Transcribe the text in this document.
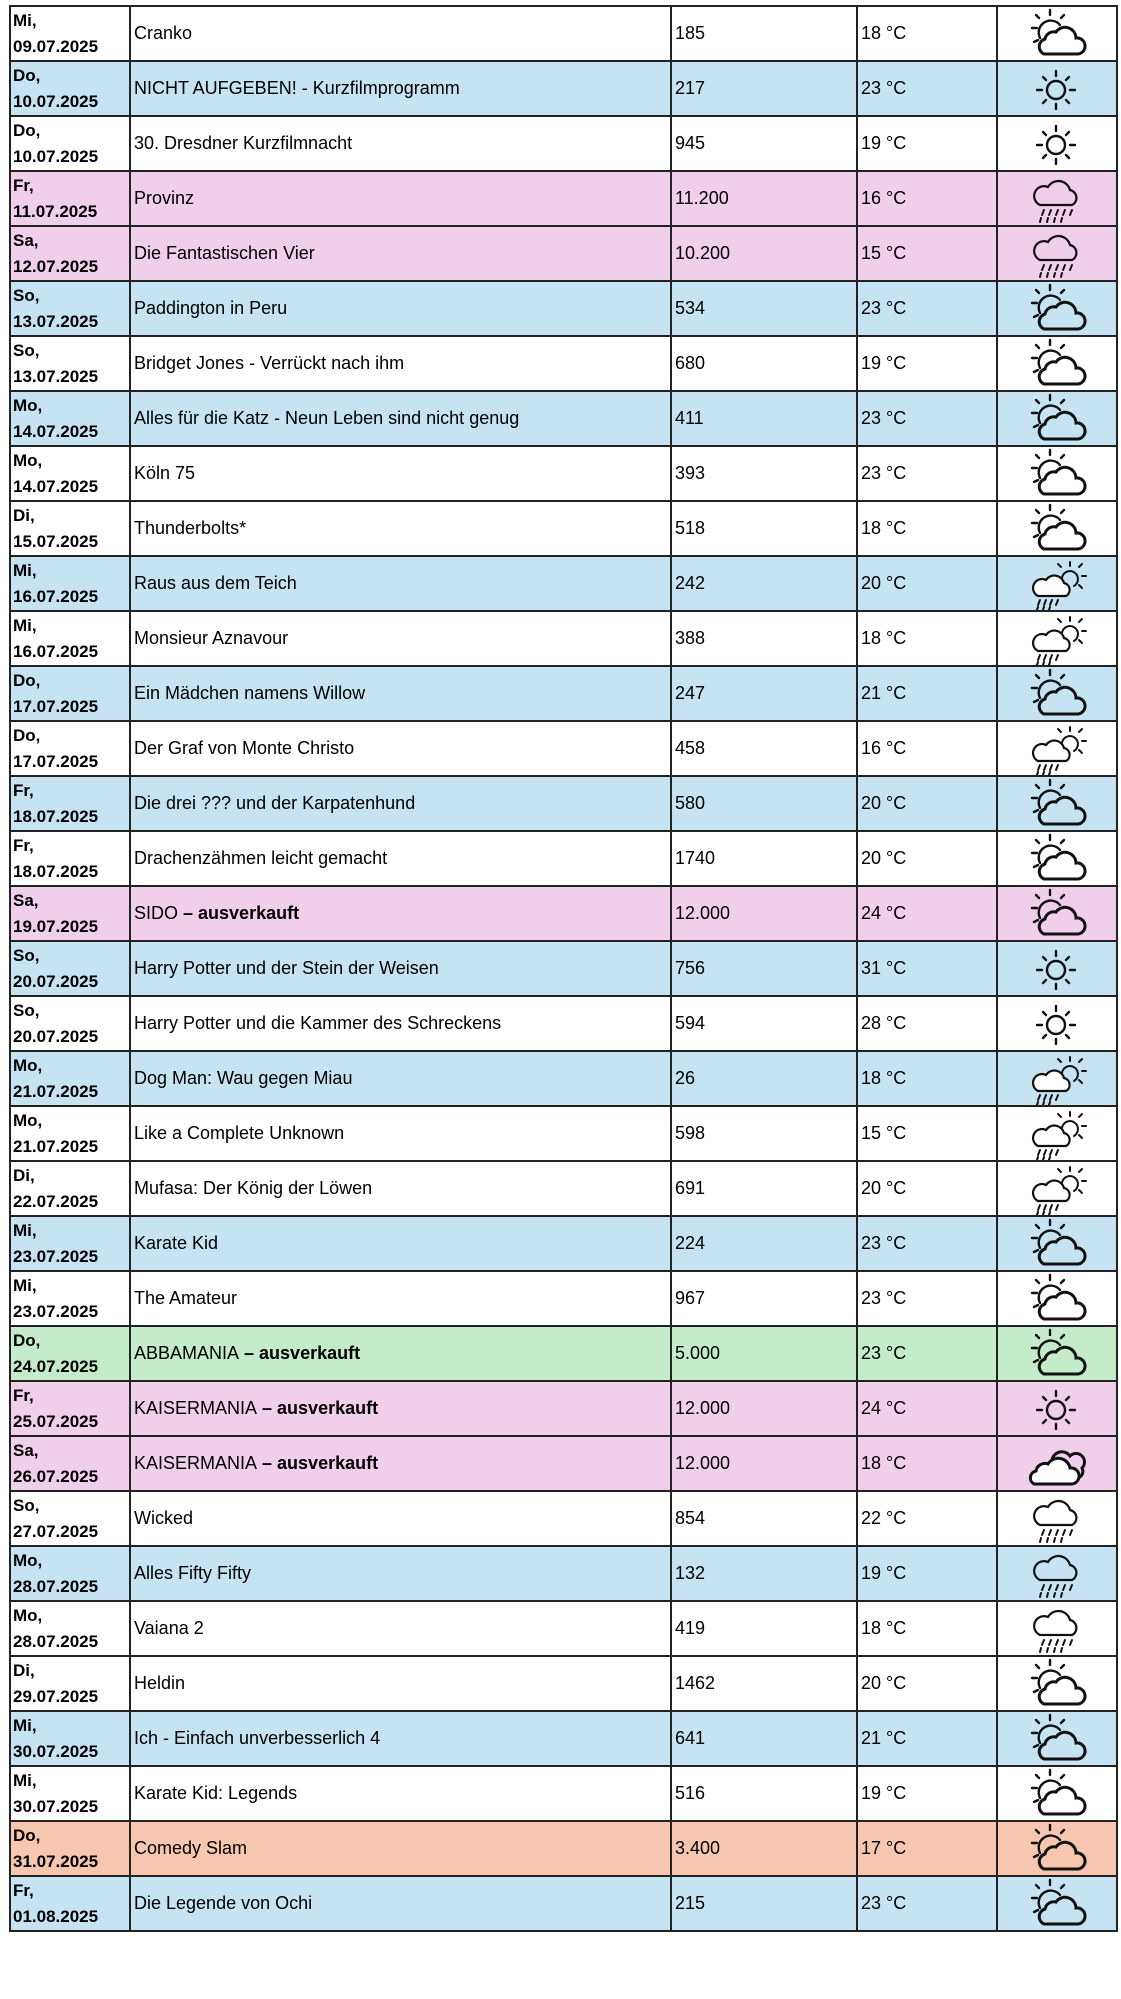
Mi,
09.07.2025	Cranko	185	18 °C	

Do,
10.07.2025	NICHT AUFGEBEN! - Kurzfilmprogramm	217	23 °C	

Do,
10.07.2025	30. Dresdner Kurzfilmnacht	945	19 °C	

Fr,
11.07.2025	Provinz	11.200	16 °C	

Sa,
12.07.2025	Die Fantastischen Vier	10.200	15 °C	

So,
13.07.2025	Paddington in Peru	534	23 °C	

So,
13.07.2025	Bridget Jones - Verrückt nach ihm	680	19 °C	

Mo,
14.07.2025	Alles für die Katz - Neun Leben sind nicht genug	411	23 °C	

Mo,
14.07.2025	Köln 75	393	23 °C	

Di,
15.07.2025	Thunderbolts*	518	18 °C	

Mi,
16.07.2025	Raus aus dem Teich	242	20 °C	

Mi,
16.07.2025	Monsieur Aznavour	388	18 °C	

Do,
17.07.2025	Ein Mädchen namens Willow	247	21 °C	

Do,
17.07.2025	Der Graf von Monte Christo	458	16 °C	

Fr,
18.07.2025	Die drei ??? und der Karpatenhund	580	20 °C	

Fr,
18.07.2025	Drachenzähmen leicht gemacht	1740	20 °C	

Sa,
19.07.2025	SIDO – ausverkauft	12.000	24 °C	

So,
20.07.2025	Harry Potter und der Stein der Weisen	756	31 °C	

So,
20.07.2025	Harry Potter und die Kammer des Schreckens	594	28 °C	

Mo,
21.07.2025	Dog Man: Wau gegen Miau	26	18 °C	

Mo,
21.07.2025	Like a Complete Unknown	598	15 °C	

Di,
22.07.2025	Mufasa: Der König der Löwen	691	20 °C	

Mi,
23.07.2025	Karate Kid	224	23 °C	

Mi,
23.07.2025	The Amateur	967	23 °C	

Do,
24.07.2025	ABBAMANIA – ausverkauft	5.000	23 °C	

Fr,
25.07.2025	KAISERMANIA – ausverkauft	12.000	24 °C	

Sa,
26.07.2025	KAISERMANIA – ausverkauft	12.000	18 °C	

So,
27.07.2025	Wicked	854	22 °C	

Mo,
28.07.2025	Alles Fifty Fifty	132	19 °C	

Mo,
28.07.2025	Vaiana 2	419	18 °C	

Di,
29.07.2025	Heldin	1462	20 °C	

Mi,
30.07.2025	Ich - Einfach unverbesserlich 4	641	21 °C	

Mi,
30.07.2025	Karate Kid: Legends	516	19 °C	

Do,
31.07.2025	Comedy Slam	3.400	17 °C	

Fr,
01.08.2025	Die Legende von Ochi	215	23 °C	
